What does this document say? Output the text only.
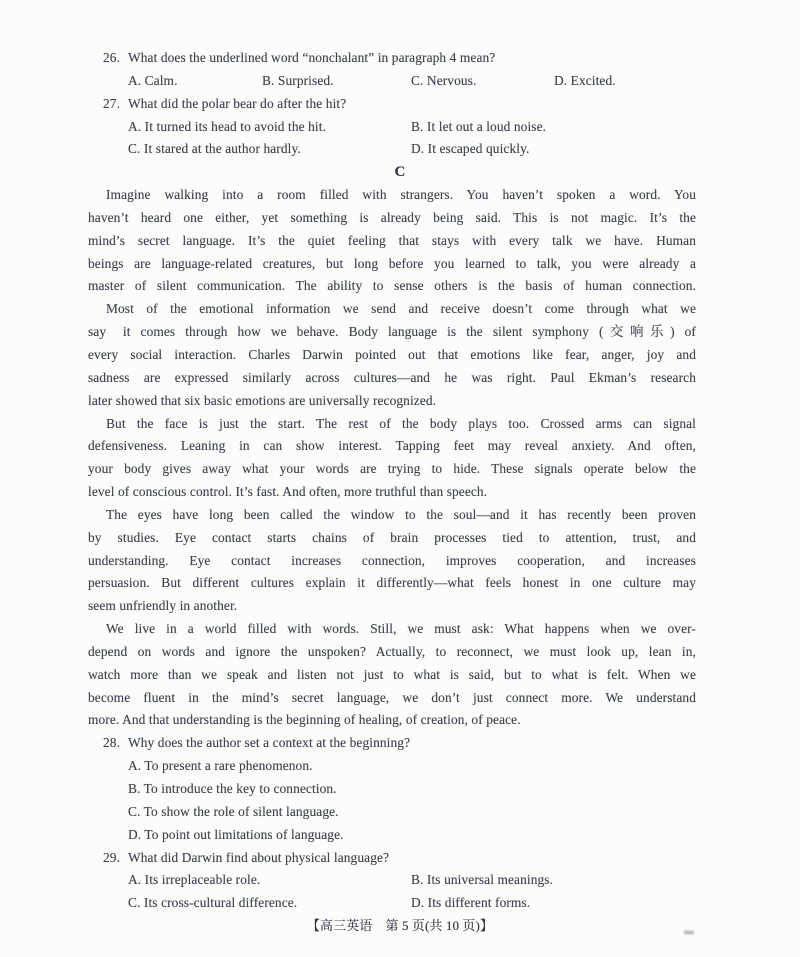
26. What does the underlined word “nonchalant” in paragraph 4 mean?
A. Calm.	B. Surprised.	C. Nervous.	D. Excited.
27. What did the polar bear do after the hit?
A. It turned its head to avoid the hit.	B. It let out a loud noise.
C. It stared at the author hardly.	D. It escaped quickly.
C
Imagine walking into a room filled with strangers. You haven’t spoken a word. You
haven’t heard one either, yet something is already being said. This is not magic. It’s the
mind’s secret language. It’s the quiet feeling that stays with every talk we have. Human
beings are language-related creatures, but long before you learned to talk, you were already a
master of silent communication. The ability to sense others is the basis of human connection.
Most of the emotional information we send and receive doesn’t come through what we
say  it comes through how we behave. Body language is the silent symphony (交响乐) of
every social interaction. Charles Darwin pointed out that emotions like fear, anger, joy and
sadness are expressed similarly across cultures—and he was right. Paul Ekman’s research
later showed that six basic emotions are universally recognized.
But the face is just the start. The rest of the body plays too. Crossed arms can signal
defensiveness. Leaning in can show interest. Tapping feet may reveal anxiety. And often,
your body gives away what your words are trying to hide. These signals operate below the
level of conscious control. It’s fast. And often, more truthful than speech.
The eyes have long been called the window to the soul—and it has recently been proven
by studies. Eye contact starts chains of brain processes tied to attention, trust, and
understanding. Eye contact increases connection, improves cooperation, and increases
persuasion. But different cultures explain it differently—what feels honest in one culture may
seem unfriendly in another.
We live in a world filled with words. Still, we must ask: What happens when we over-
depend on words and ignore the unspoken? Actually, to reconnect, we must look up, lean in,
watch more than we speak and listen not just to what is said, but to what is felt. When we
become fluent in the mind’s secret language, we don’t just connect more. We understand
more. And that understanding is the beginning of healing, of creation, of peace.
28. Why does the author set a context at the beginning?
A. To present a rare phenomenon.
B. To introduce the key to connection.
C. To show the role of silent language.
D. To point out limitations of language.
29. What did Darwin find about physical language?
A. Its irreplaceable role.	B. Its universal meanings.
C. Its cross-cultural difference.	D. Its different forms.
【高三英语　第 5 页(共 10 页)】
